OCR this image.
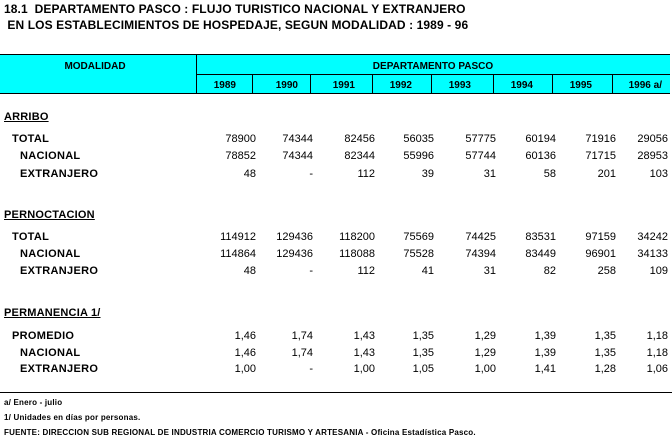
18.1  DEPARTAMENTO PASCO : FLUJO TURISTICO NACIONAL Y EXTRANJERO
EN LOS ESTABLECIMIENTOS DE HOSPEDAJE, SEGUN MODALIDAD : 1989 - 96
MODALIDAD	DEPARTAMENTO PASCO
1989	1990	1991	1992	1993	1994	1995	1996 a/
ARRIBO
TOTAL	78900	74344	82456	56035	57775	60194	71916	29056
NACIONAL	78852	74344	82344	55996	57744	60136	71715	28953
EXTRANJERO	48	-	112	39	31	58	201	103
PERNOCTACION
TOTAL	114912	129436	118200	75569	74425	83531	97159	34242
NACIONAL	114864	129436	118088	75528	74394	83449	96901	34133
EXTRANJERO	48	-	112	41	31	82	258	109
PERMANENCIA 1/
PROMEDIO	1,46	1,74	1,43	1,35	1,29	1,39	1,35	1,18
NACIONAL	1,46	1,74	1,43	1,35	1,29	1,39	1,35	1,18
EXTRANJERO	1,00	-	1,00	1,05	1,00	1,41	1,28	1,06
a/ Enero - julio
1/ Unidades en días por personas.
FUENTE: DIRECCION SUB REGIONAL DE INDUSTRIA COMERCIO TURISMO Y ARTESANIA - Oficina Estadística Pasco.
